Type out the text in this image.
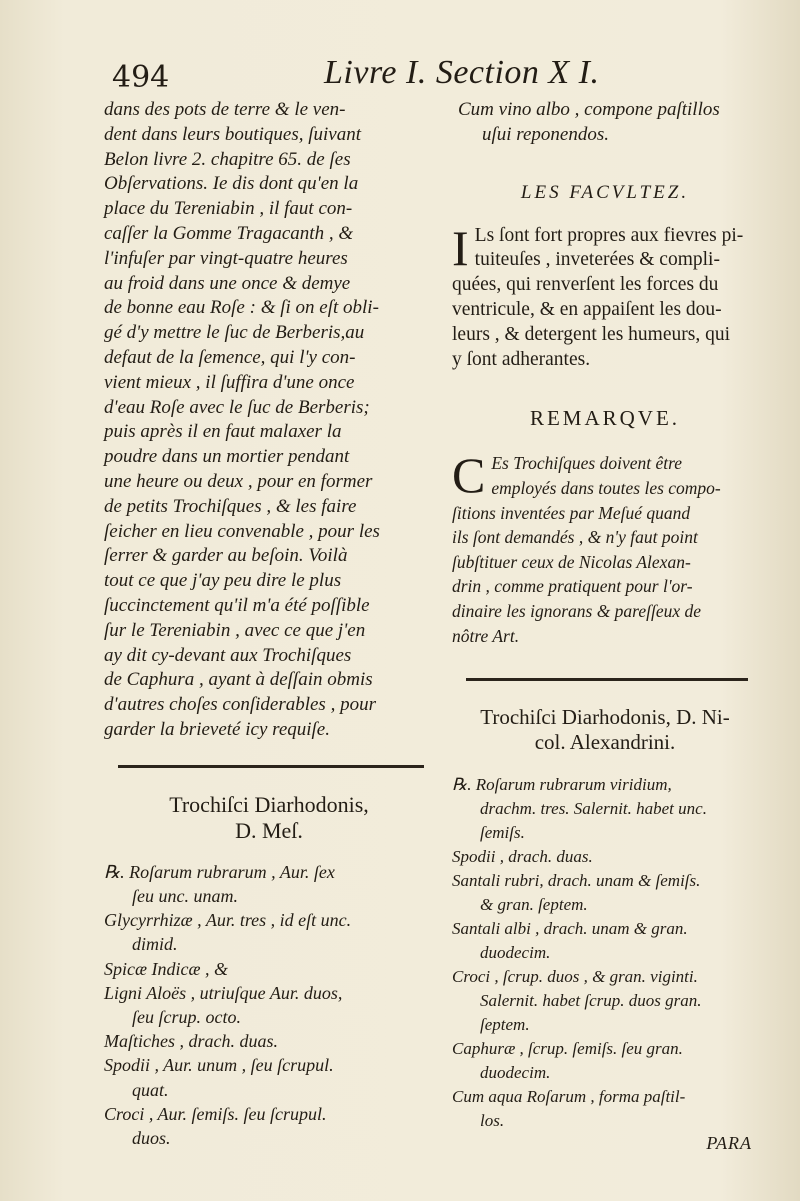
494	Livre I. Section X I.
dans des pots de terre & le ven-
dent dans leurs boutiques, ſuivant
Belon livre 2. chapitre 65. de ſes
Obſervations. Ie dis dont qu'en la
place du Tereniabin , il faut con-
caſſer la Gomme Tragacanth , &
l'infuſer par vingt-quatre heures
au froid dans une once & demye
de bonne eau Roſe : & ſi on eſt obli-
gé d'y mettre le ſuc de Berberis,au
defaut de la ſemence, qui l'y con-
vient mieux , il ſuffira d'une once
d'eau Roſe avec le ſuc de Berberis;
puis après il en faut malaxer la
poudre dans un mortier pendant
une heure ou deux , pour en former
de petits Trochiſques , & les faire
ſeicher en lieu convenable , pour les
ſerrer & garder au beſoin. Voilà
tout ce que j'ay peu dire le plus
ſuccinctement qu'il m'a été poſſible
ſur le Tereniabin , avec ce que j'en
ay dit cy-devant aux Trochiſques
de Caphura , ayant à deſſain obmis
d'autres choſes conſiderables , pour
garder la brieveté icy requiſe.
Trochiſci Diarhodonis,
D. Meſ.
℞. Roſarum rubrarum , Aur. ſex
ſeu unc. unam.
Glycyrrhizæ , Aur. tres , id eſt unc.
dimid.
Spicæ Indicæ , &
Ligni Aloës , utriuſque Aur. duos,
ſeu ſcrup. octo.
Maſtiches , drach. duas.
Spodii , Aur. unum , ſeu ſcrupul.
quat.
Croci , Aur. ſemiſs. ſeu ſcrupul.
duos.
Cum vino albo , compone paſtillos
uſui reponendos.
LES FACVLTEZ.
I Ls ſont fort propres aux fievres pi-
tuiteuſes , inveterées & compli-
quées, qui renverſent les forces du
ventricule, & en appaiſent les dou-
leurs , & detergent les humeurs, qui
y ſont adherantes.
REMARQVE.
C Es Trochiſques doivent être
employés dans toutes les compo-
ſitions inventées par Meſué quand
ils ſont demandés , & n'y faut point
ſubſtituer ceux de Nicolas Alexan-
drin , comme pratiquent pour l'or-
dinaire les ignorans & pareſſeux de
nôtre Art.
Trochiſci Diarhodonis, D. Ni-
col. Alexandrini.
℞. Roſarum rubrarum viridium,
drachm. tres. Salernit. habet unc.
ſemiſs.
Spodii , drach. duas.
Santali rubri, drach. unam & ſemiſs.
& gran. ſeptem.
Santali albi , drach. unam & gran.
duodecim.
Croci , ſcrup. duos , & gran. viginti.
Salernit. habet ſcrup. duos gran.
ſeptem.
Caphuræ , ſcrup. ſemiſs. ſeu gran.
duodecim.
Cum aqua Roſarum , forma paſtil-
los.
PARA
